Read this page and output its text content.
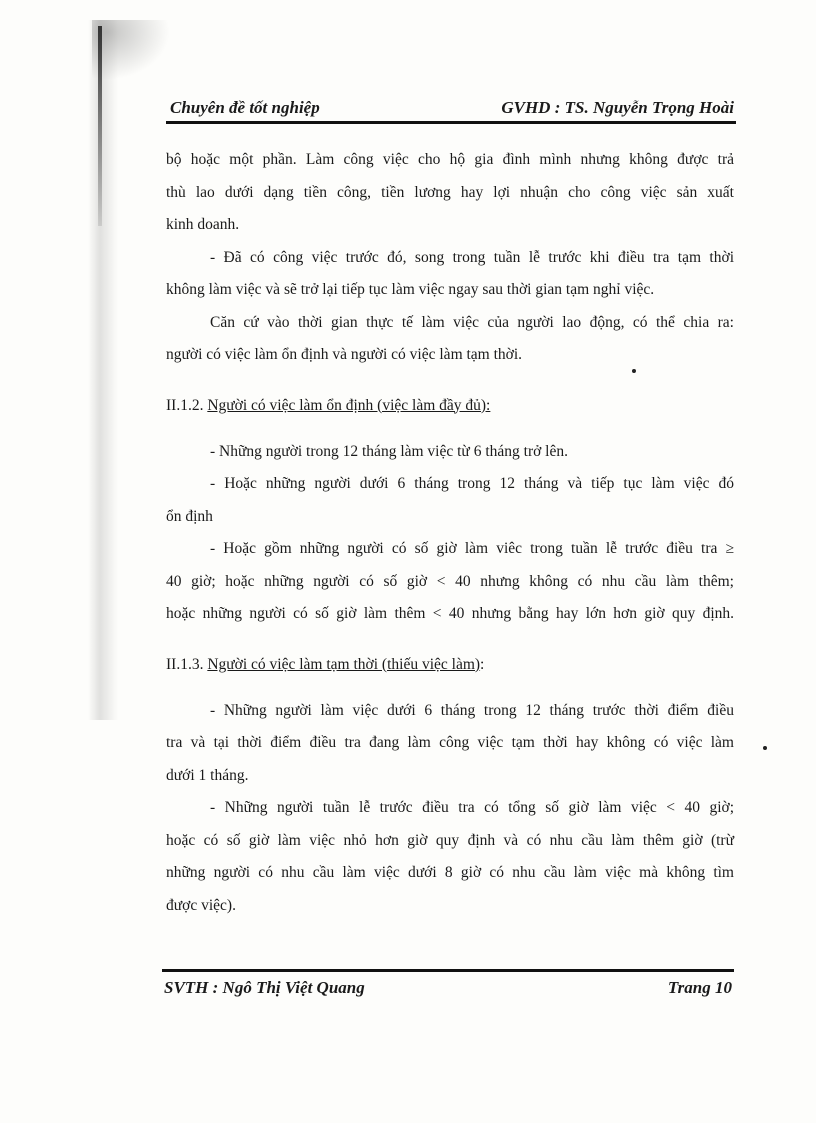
Chuyên đề tốt nghiệp	GVHD : TS. Nguyễn Trọng Hoài
bộ hoặc một phần. Làm công việc cho hộ gia đình mình nhưng không được trả
thù lao dưới dạng tiền công, tiền lương hay lợi nhuận cho công việc sản xuất
kinh doanh.
- Đã có công việc trước đó, song trong tuần lễ trước khi điều tra tạm thời
không làm việc và sẽ trở lại tiếp tục làm việc ngay sau thời gian tạm nghỉ việc.
Căn cứ vào thời gian thực tế làm việc của người lao động, có thể chia ra:
người có việc làm ổn định và người có việc làm tạm thời.
II.1.2. Người có việc làm ổn định (việc làm đầy đủ):
- Những người trong 12 tháng làm việc từ 6 tháng trở lên.
- Hoặc những người dưới 6 tháng trong 12 tháng và tiếp tục làm việc đó
ổn định
- Hoặc gồm những người có số giờ làm viêc trong tuần lễ trước điều tra ≥
40 giờ; hoặc những người có số giờ < 40 nhưng không có nhu cầu làm thêm;
hoặc những người có số giờ làm thêm < 40 nhưng bằng hay lớn hơn giờ quy định.
II.1.3. Người có việc làm tạm thời (thiếu việc làm):
- Những người làm việc dưới 6 tháng trong 12 tháng trước thời điểm điều
tra và tại thời điểm điều tra đang làm công việc tạm thời hay không có việc làm
dưới 1 tháng.
- Những người tuần lễ trước điều tra có tổng số giờ làm việc < 40 giờ;
hoặc có số giờ làm việc nhỏ hơn giờ quy định và có nhu cầu làm thêm giờ (trừ
những người có nhu cầu làm việc dưới 8 giờ có nhu cầu làm việc mà không tìm
được việc).
SVTH : Ngô Thị Việt Quang	Trang 10
